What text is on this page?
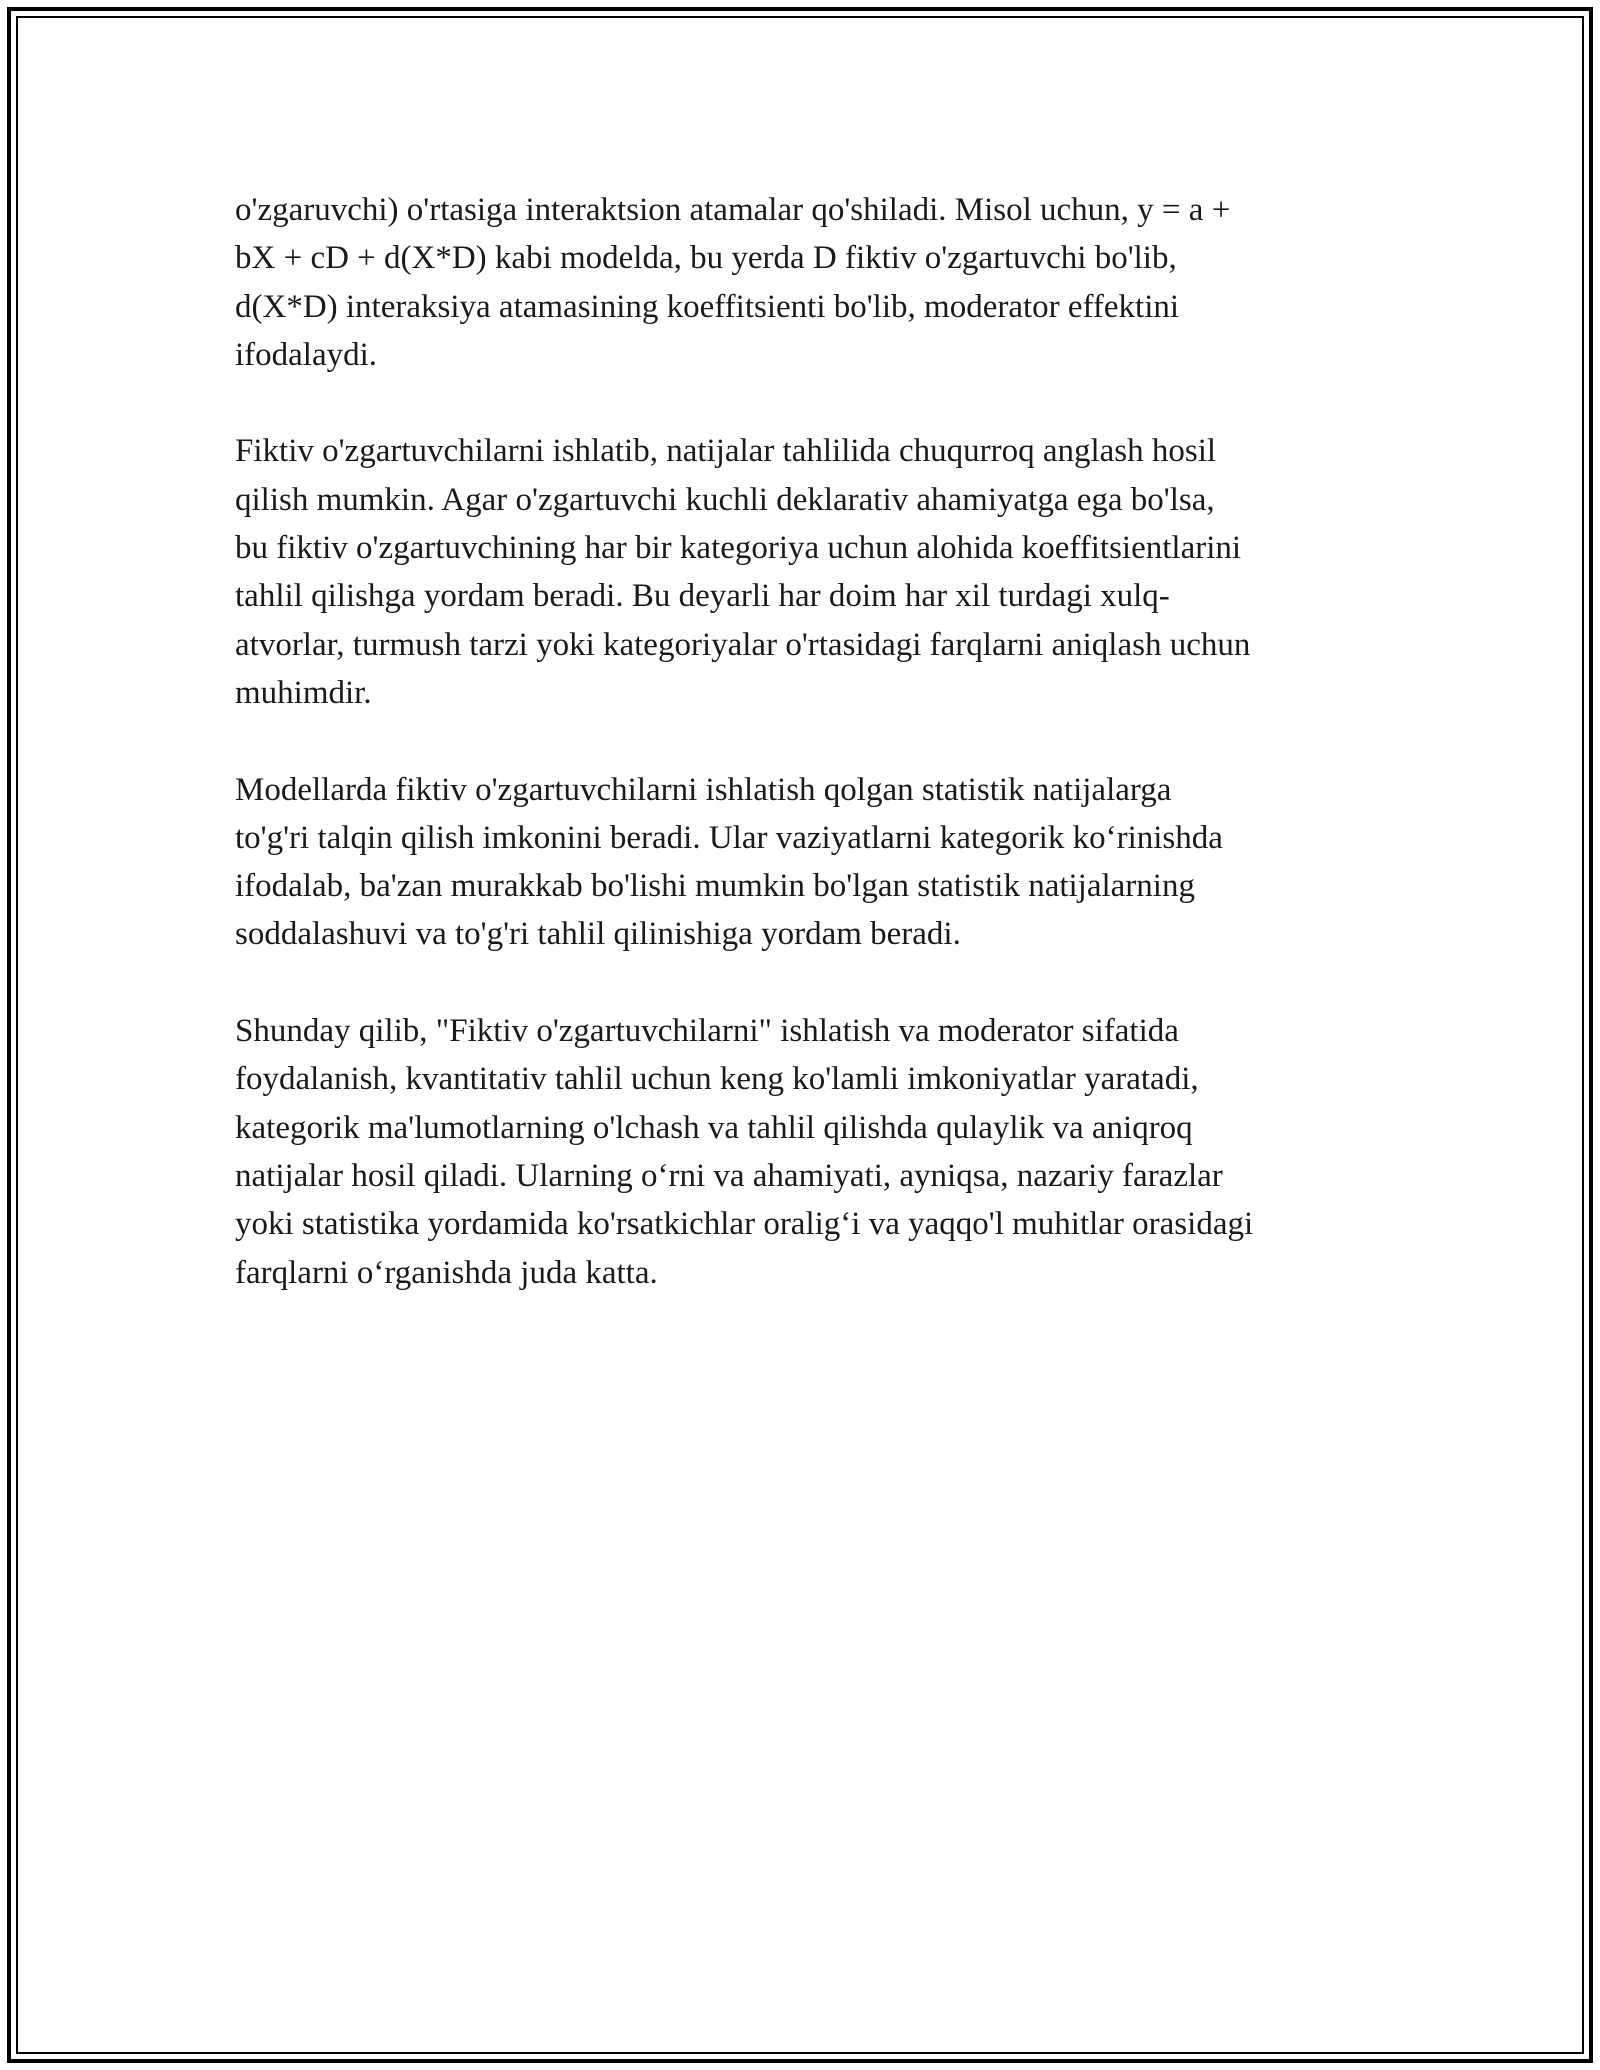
o'zgaruvchi) o'rtasiga interaktsion atamalar qo'shiladi. Misol uchun, y = a +
bX + cD + d(X*D) kabi modelda, bu yerda D fiktiv o'zgartuvchi bo'lib,
d(X*D) interaksiya atamasining koeffitsienti bo'lib, moderator effektini
ifodalaydi.

Fiktiv o'zgartuvchilarni ishlatib, natijalar tahlilida chuqurroq anglash hosil
qilish mumkin. Agar o'zgartuvchi kuchli deklarativ ahamiyatga ega bo'lsa,
bu fiktiv o'zgartuvchining har bir kategoriya uchun alohida koeffitsientlarini
tahlil qilishga yordam beradi. Bu deyarli har doim har xil turdagi xulq-
atvorlar, turmush tarzi yoki kategoriyalar o'rtasidagi farqlarni aniqlash uchun
muhimdir.

Modellarda fiktiv o'zgartuvchilarni ishlatish qolgan statistik natijalarga
to'g'ri talqin qilish imkonini beradi. Ular vaziyatlarni kategorik ko‘rinishda
ifodalab, ba'zan murakkab bo'lishi mumkin bo'lgan statistik natijalarning
soddalashuvi va to'g'ri tahlil qilinishiga yordam beradi.

Shunday qilib, "Fiktiv o'zgartuvchilarni" ishlatish va moderator sifatida
foydalanish, kvantitativ tahlil uchun keng ko'lamli imkoniyatlar yaratadi,
kategorik ma'lumotlarning o'lchash va tahlil qilishda qulaylik va aniqroq
natijalar hosil qiladi. Ularning o‘rni va ahamiyati, ayniqsa, nazariy farazlar
yoki statistika yordamida ko'rsatkichlar oralig‘i va yaqqo'l muhitlar orasidagi
farqlarni o‘rganishda juda katta.
